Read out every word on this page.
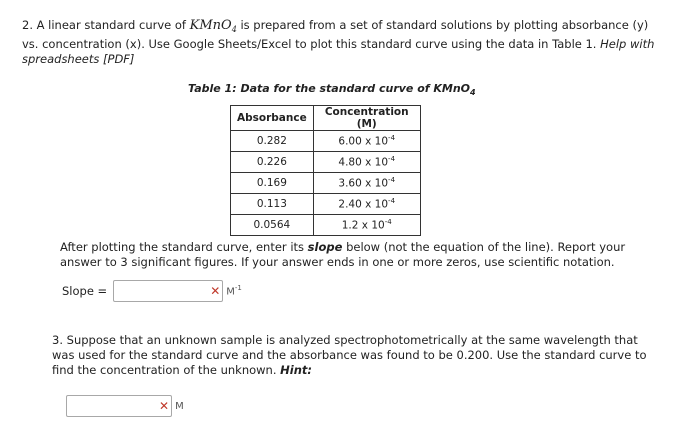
2. A linear standard curve of KMnO$_4$ is prepared from a set of standard solutions by plotting absorbance (y) vs. concentration (x). Use Google Sheets/Excel to plot this standard curve using the data in Table 1. Help with spreadsheets [PDF]
Table 1: Data for the standard curve of KMnO$_4$
Absorbance	Concentration (M)
0.282	6.00 x $10^{-4}$
0.226	4.80 x $10^{-4}$
0.169	3.60 x $10^{-4}$
0.113	2.40 x $10^{-4}$
0.0564	1.2 x $10^{-4}$
After plotting the standard curve, enter its slope below (not the equation of the line). Report your answer to 3 significant figures. If your answer ends in one or more zeros, use scientific notation.
Slope =	✕ $M^{-1}$
3. Suppose that an unknown sample is analyzed spectrophotometrically at the same wavelength that was used for the standard curve and the absorbance was found to be 0.200. Use the standard curve to find the concentration of the unknown. Hint:
✕ M
